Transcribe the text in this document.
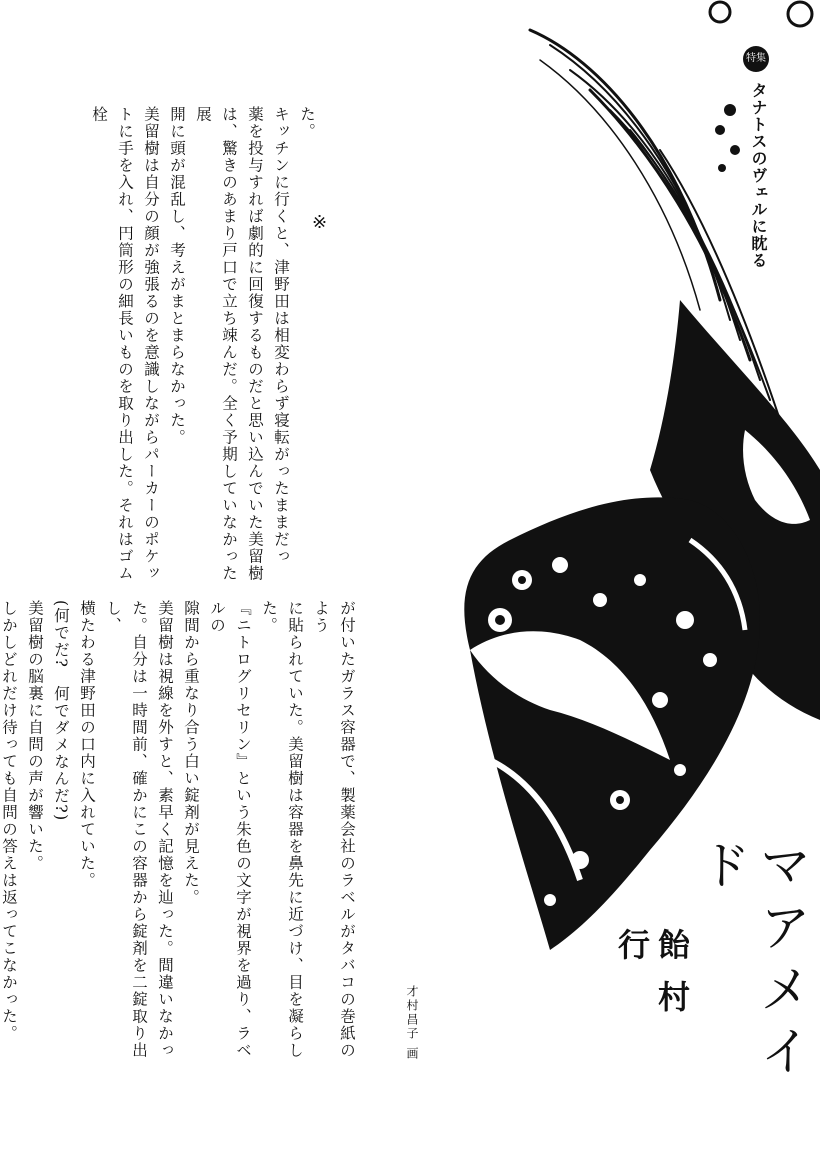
た。

キッチンに行くと、津野田は相変わらず寝転がったままだっ

薬を投与すれば劇的に回復するものだと思い込んでいた美留樹

は、驚きのあまり戸口で立ち竦んだ。全く予期していなかった展

開に頭が混乱し、考えがまとまらなかった。

美留樹は自分の顔が強張るのを意識しながらパーカーのポケッ

トに手を入れ、円筒形の細長いものを取り出した。それはゴム栓

※

が付いたガラス容器で、製薬会社のラベルがタバコの巻紙のよう

に貼られていた。美留樹は容器を鼻先に近づけ、目を凝らした。

『ニトログリセリン』という朱色の文字が視界を過り、ラベルの

隙間から重なり合う白い錠剤が見えた。

美留樹は視線を外すと、素早く記憶を辿った。間違いなかっ

た。自分は一時間前、確かにこの容器から錠剤を二錠取り出し、

横たわる津野田の口内に入れていた。

(何でだ?　何でダメなんだ?)

美留樹の脳裏に自問の声が響いた。

しかしどれだけ待っても自問の答えは返ってこなかった。

特集
タナトスのヴェルに眈る
マアメイド
飴村 行
才村昌子 画
